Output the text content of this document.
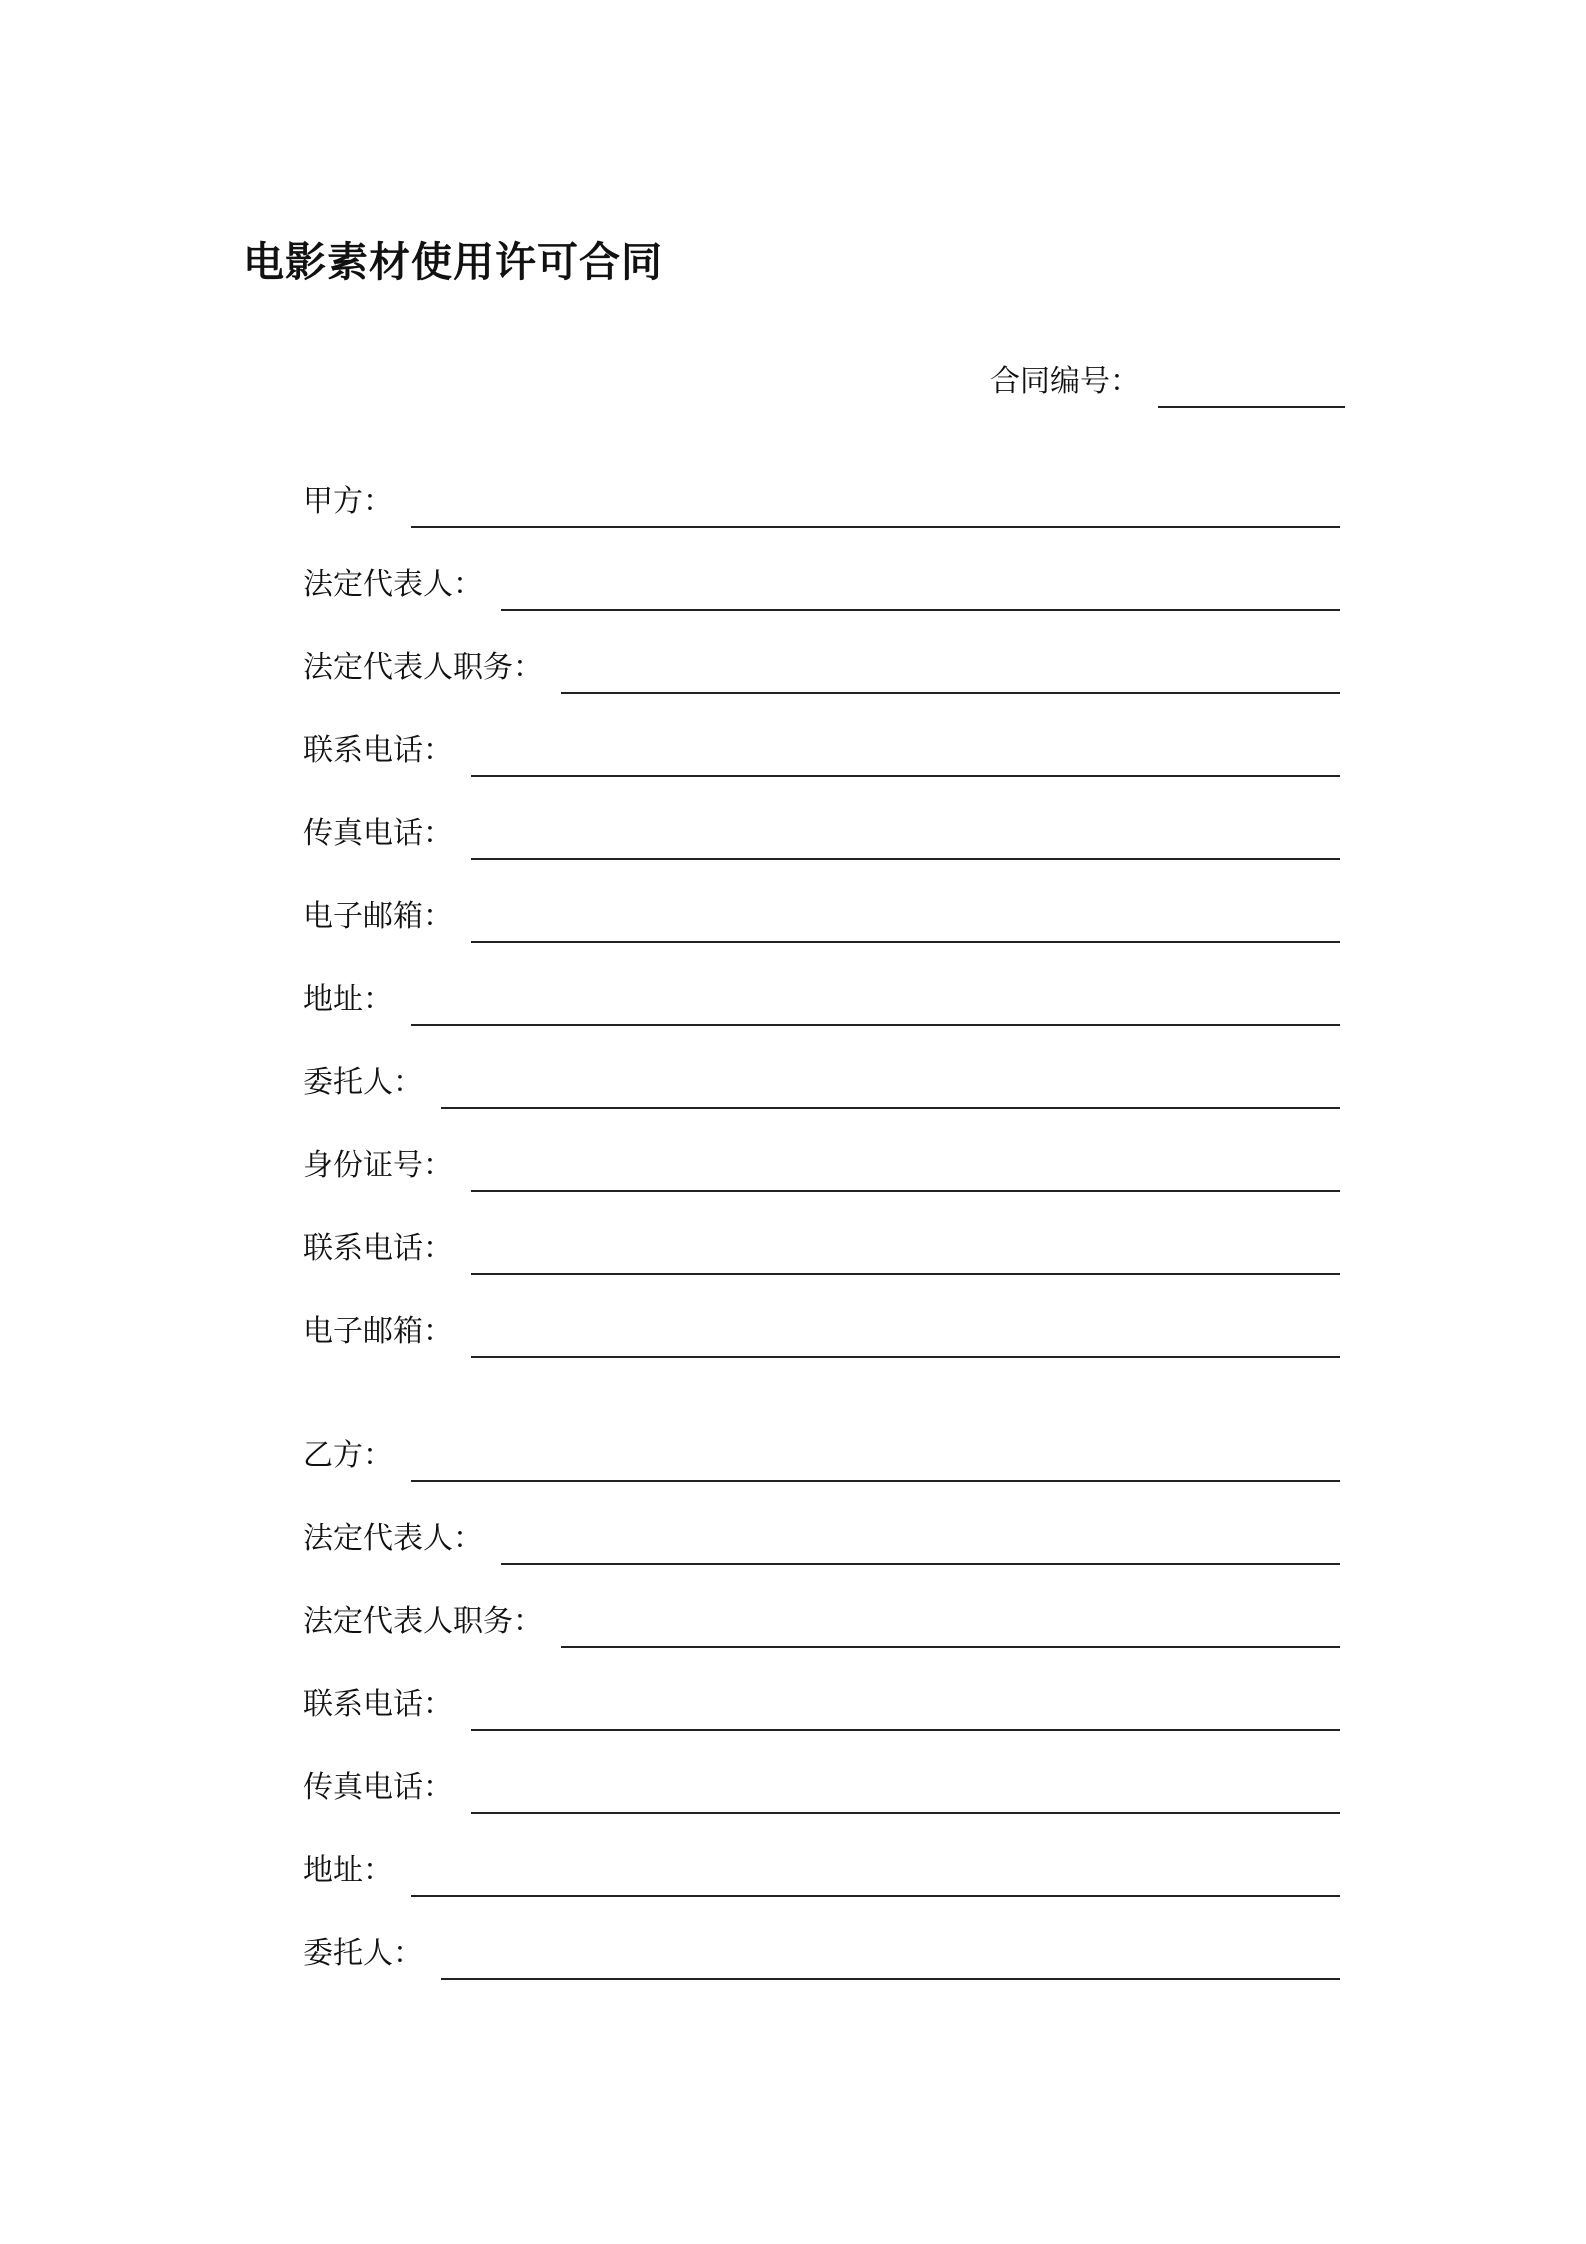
电影素材使用许可合同
合同编号：
甲方：
法定代表人：
法定代表人职务：
联系电话：
传真电话：
电子邮箱：
地址：
委托人：
身份证号：
联系电话：
电子邮箱：
乙方：
法定代表人：
法定代表人职务：
联系电话：
传真电话：
地址：
委托人：
